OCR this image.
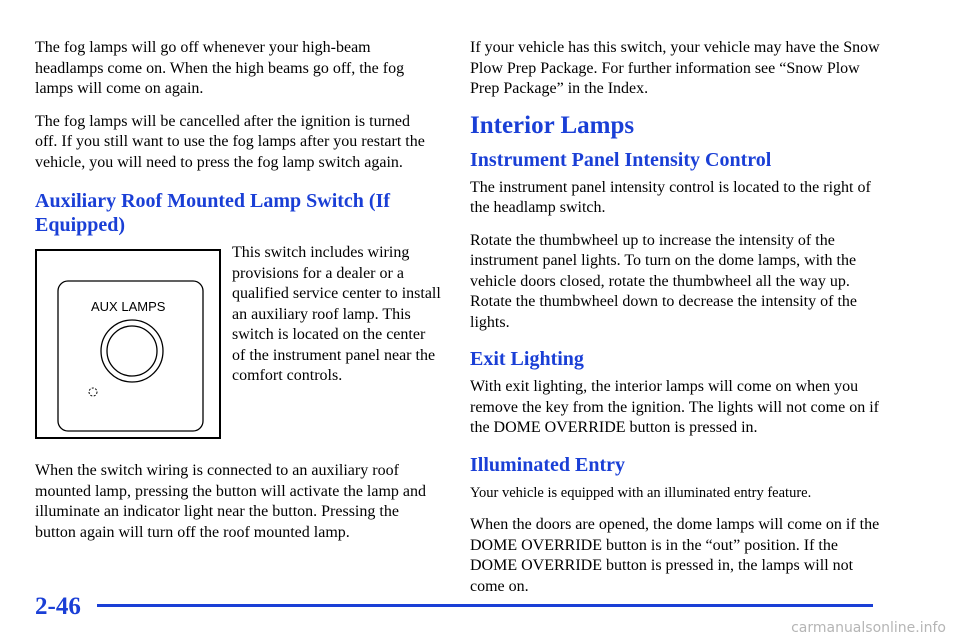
The fog lamps will go off whenever your high-beam headlamps come on. When the high beams go off, the fog lamps will come on again.

The fog lamps will be cancelled after the ignition is turned off. If you still want to use the fog lamps after you restart the vehicle, you will need to press the fog lamp switch again.

Auxiliary Roof Mounted Lamp Switch (If Equipped)
AUX LAMPS

This switch includes wiring provisions for a dealer or a qualified service center to install an auxiliary roof lamp. This switch is located on the center of the instrument panel near the comfort controls.

When the switch wiring is connected to an auxiliary roof mounted lamp, pressing the button will activate the lamp and illuminate an indicator light near the button. Pressing the button again will turn off the roof mounted lamp.

If your vehicle has this switch, your vehicle may have the Snow Plow Prep Package. For further information see “Snow Plow Prep Package” in the Index.

Interior Lamps
Instrument Panel Intensity Control

The instrument panel intensity control is located to the right of the headlamp switch.

Rotate the thumbwheel up to increase the intensity of the instrument panel lights. To turn on the dome lamps, with the vehicle doors closed, rotate the thumbwheel all the way up. Rotate the thumbwheel down to decrease the intensity of the lights.

Exit Lighting

With exit lighting, the interior lamps will come on when you remove the key from the ignition. The lights will not come on if the DOME OVERRIDE button is pressed in.

Illuminated Entry

Your vehicle is equipped with an illuminated entry feature.

When the doors are opened, the dome lamps will come on if the DOME OVERRIDE button is in the “out” position. If the DOME OVERRIDE button is pressed in, the lamps will not come on.

2-46
carmanualsonline.info
